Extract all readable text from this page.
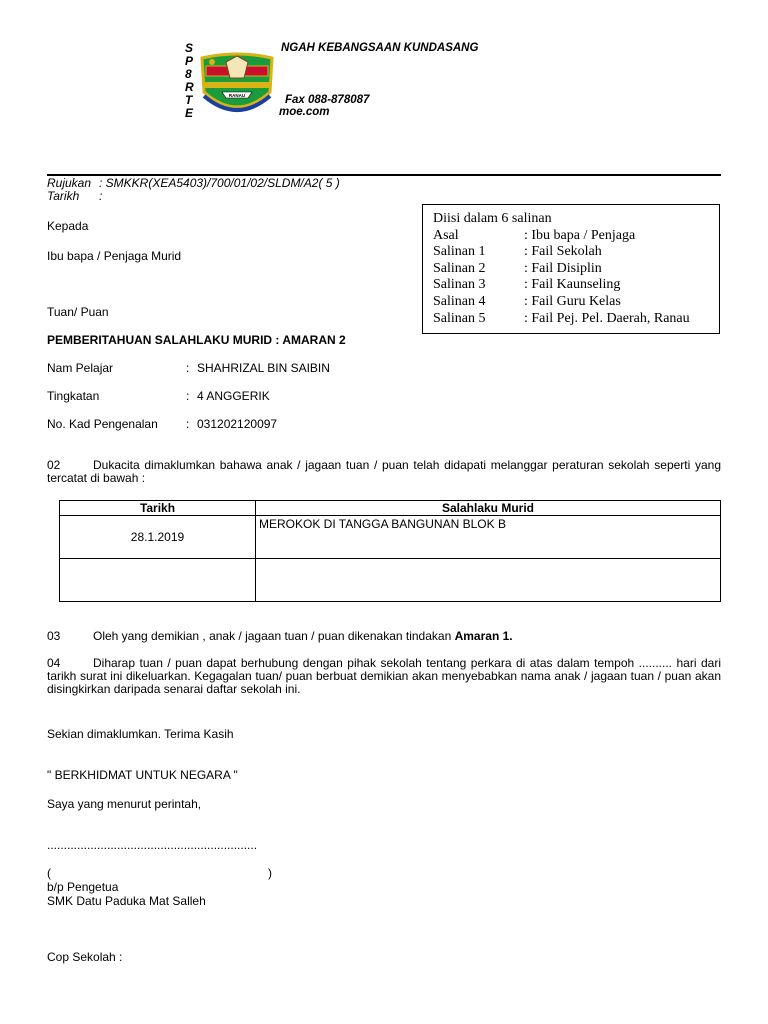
S
P
8
R
T
E
RANAU
NGAH KEBANGSAAN KUNDASANG
Fax 088-878087
moe.com
Rujukan : SMKKR(XEA5403)/700/01/02/SLDM/A2( 5 )
Tarikh :
Diisi dalam 6 salinan
Asal	: Ibu bapa / Penjaga
Salinan 1	: Fail Sekolah
Salinan 2	: Fail Disiplin
Salinan 3	: Fail Kaunseling
Salinan 4	: Fail Guru Kelas
Salinan 5	: Fail Pej. Pel. Daerah, Ranau
Kepada
Ibu bapa / Penjaga Murid
Tuan/ Puan
PEMBERITAHUAN SALAHLAKU MURID : AMARAN 2
Nam Pelajar	: SHAHRIZAL BIN SAIBIN
Tingkatan	: 4 ANGGERIK
No. Kad Pengenalan : 031202120097
02	Dukacita dimaklumkan bahawa anak / jagaan tuan / puan telah didapati melanggar peraturan sekolah seperti yang tercatat di bawah :
Tarikh	Salahlaku Murid
28.1.2019	MEROKOK DI TANGGA BANGUNAN BLOK B

03	Oleh yang demikian , anak / jagaan tuan / puan dikenakan tindakan Amaran 1.
04	Diharap tuan / puan dapat berhubung dengan pihak sekolah tentang perkara di atas dalam tempoh .......... hari dari tarikh surat ini dikeluarkan. Kegagalan tuan/ puan berbuat demikian akan menyebabkan nama anak / jagaan tuan / puan akan disingkirkan daripada senarai daftar sekolah ini.
Sekian dimaklumkan. Terima Kasih
" BERKHIDMAT UNTUK NEGARA "
Saya yang menurut perintah,
...............................................................
(	)
b/p Pengetua
SMK Datu Paduka Mat Salleh
Cop Sekolah :
